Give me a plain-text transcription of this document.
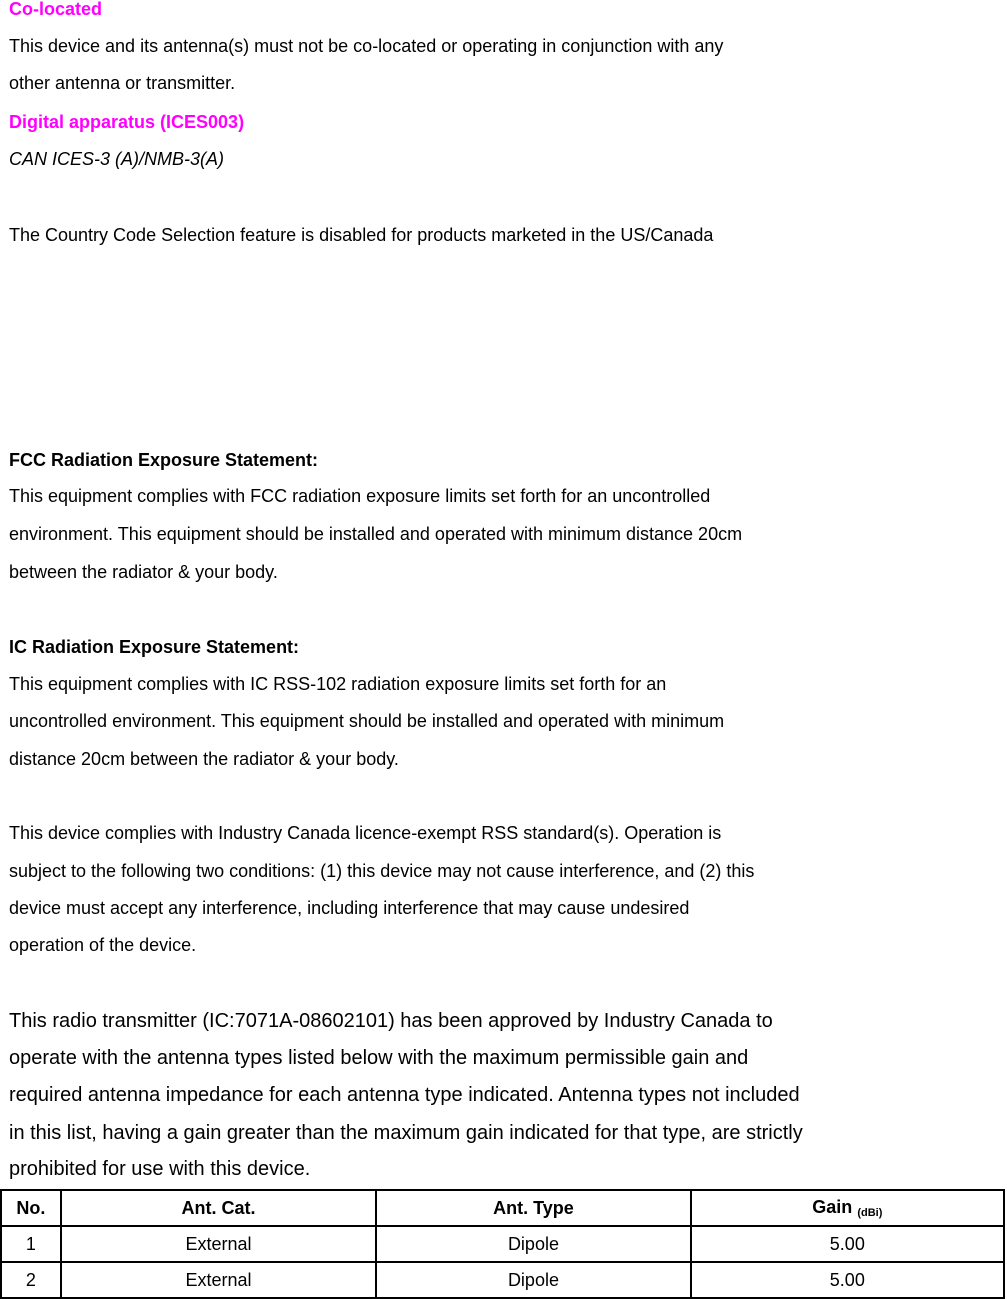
Co-located
This device and its antenna(s) must not be co-located or operating in conjunction with any
other antenna or transmitter.
Digital apparatus (ICES003)
CAN ICES-3 (A)/NMB-3(A)
The Country Code Selection feature is disabled for products marketed in the US/Canada
FCC Radiation Exposure Statement:
This equipment complies with FCC radiation exposure limits set forth for an uncontrolled
environment. This equipment should be installed and operated with minimum distance 20cm
between the radiator & your body.
IC Radiation Exposure Statement:
This equipment complies with IC RSS-102 radiation exposure limits set forth for an
uncontrolled environment. This equipment should be installed and operated with minimum
distance 20cm between the radiator & your body.
This device complies with Industry Canada licence-exempt RSS standard(s). Operation is
subject to the following two conditions: (1) this device may not cause interference, and (2) this
device must accept any interference, including interference that may cause undesired
operation of the device.
This radio transmitter (IC:7071A-08602101) has been approved by Industry Canada to
operate with the antenna types listed below with the maximum permissible gain and
required antenna impedance for each antenna type indicated. Antenna types not included
in this list, having a gain greater than the maximum gain indicated for that type, are strictly
prohibited for use with this device.
No.	Ant. Cat.	Ant. Type	Gain $_{(dBi)}$
1	External	Dipole	5.00
2	External	Dipole	5.00
